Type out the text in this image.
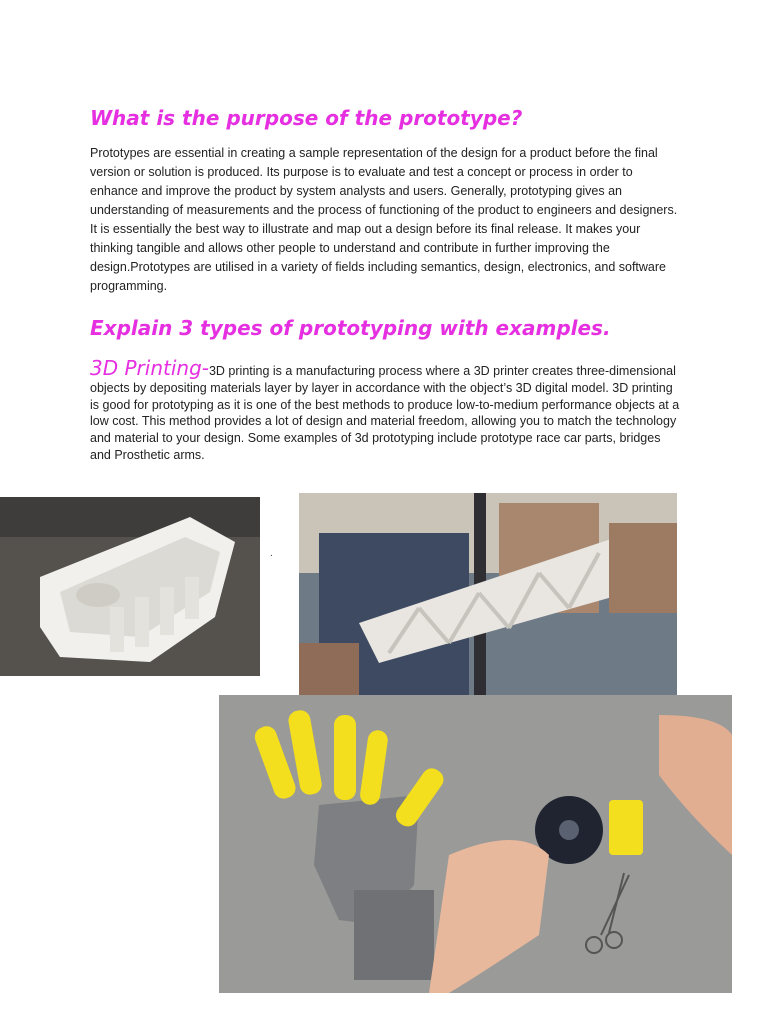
What is the purpose of the prototype?

Prototypes are essential in creating a sample representation of the design for a product before the final version or solution is produced. Its purpose is to evaluate and test a concept or process in order to enhance and improve the product by system analysts and users. Generally, prototyping gives an understanding of measurements and the process of functioning of the product to engineers and designers. It is essentially the best way to illustrate and map out a design before its final release. It makes your thinking tangible and allows other people to understand and contribute in further improving the design.Prototypes are utilised in a variety of fields including semantics, design, electronics, and software programming.

Explain 3 types of prototyping with examples.

3D Printing-3D printing is a manufacturing process where a 3D printer creates three-dimensional objects by depositing materials layer by layer in accordance with the object’s 3D digital model. 3D printing is good for prototyping as it is one of the best methods to produce low-to-medium performance objects at a low cost. This method provides a lot of design and material freedom, allowing you to match the technology and material to your design. Some examples of 3d prototyping include prototype race car parts, bridges and Prosthetic arms.

.
